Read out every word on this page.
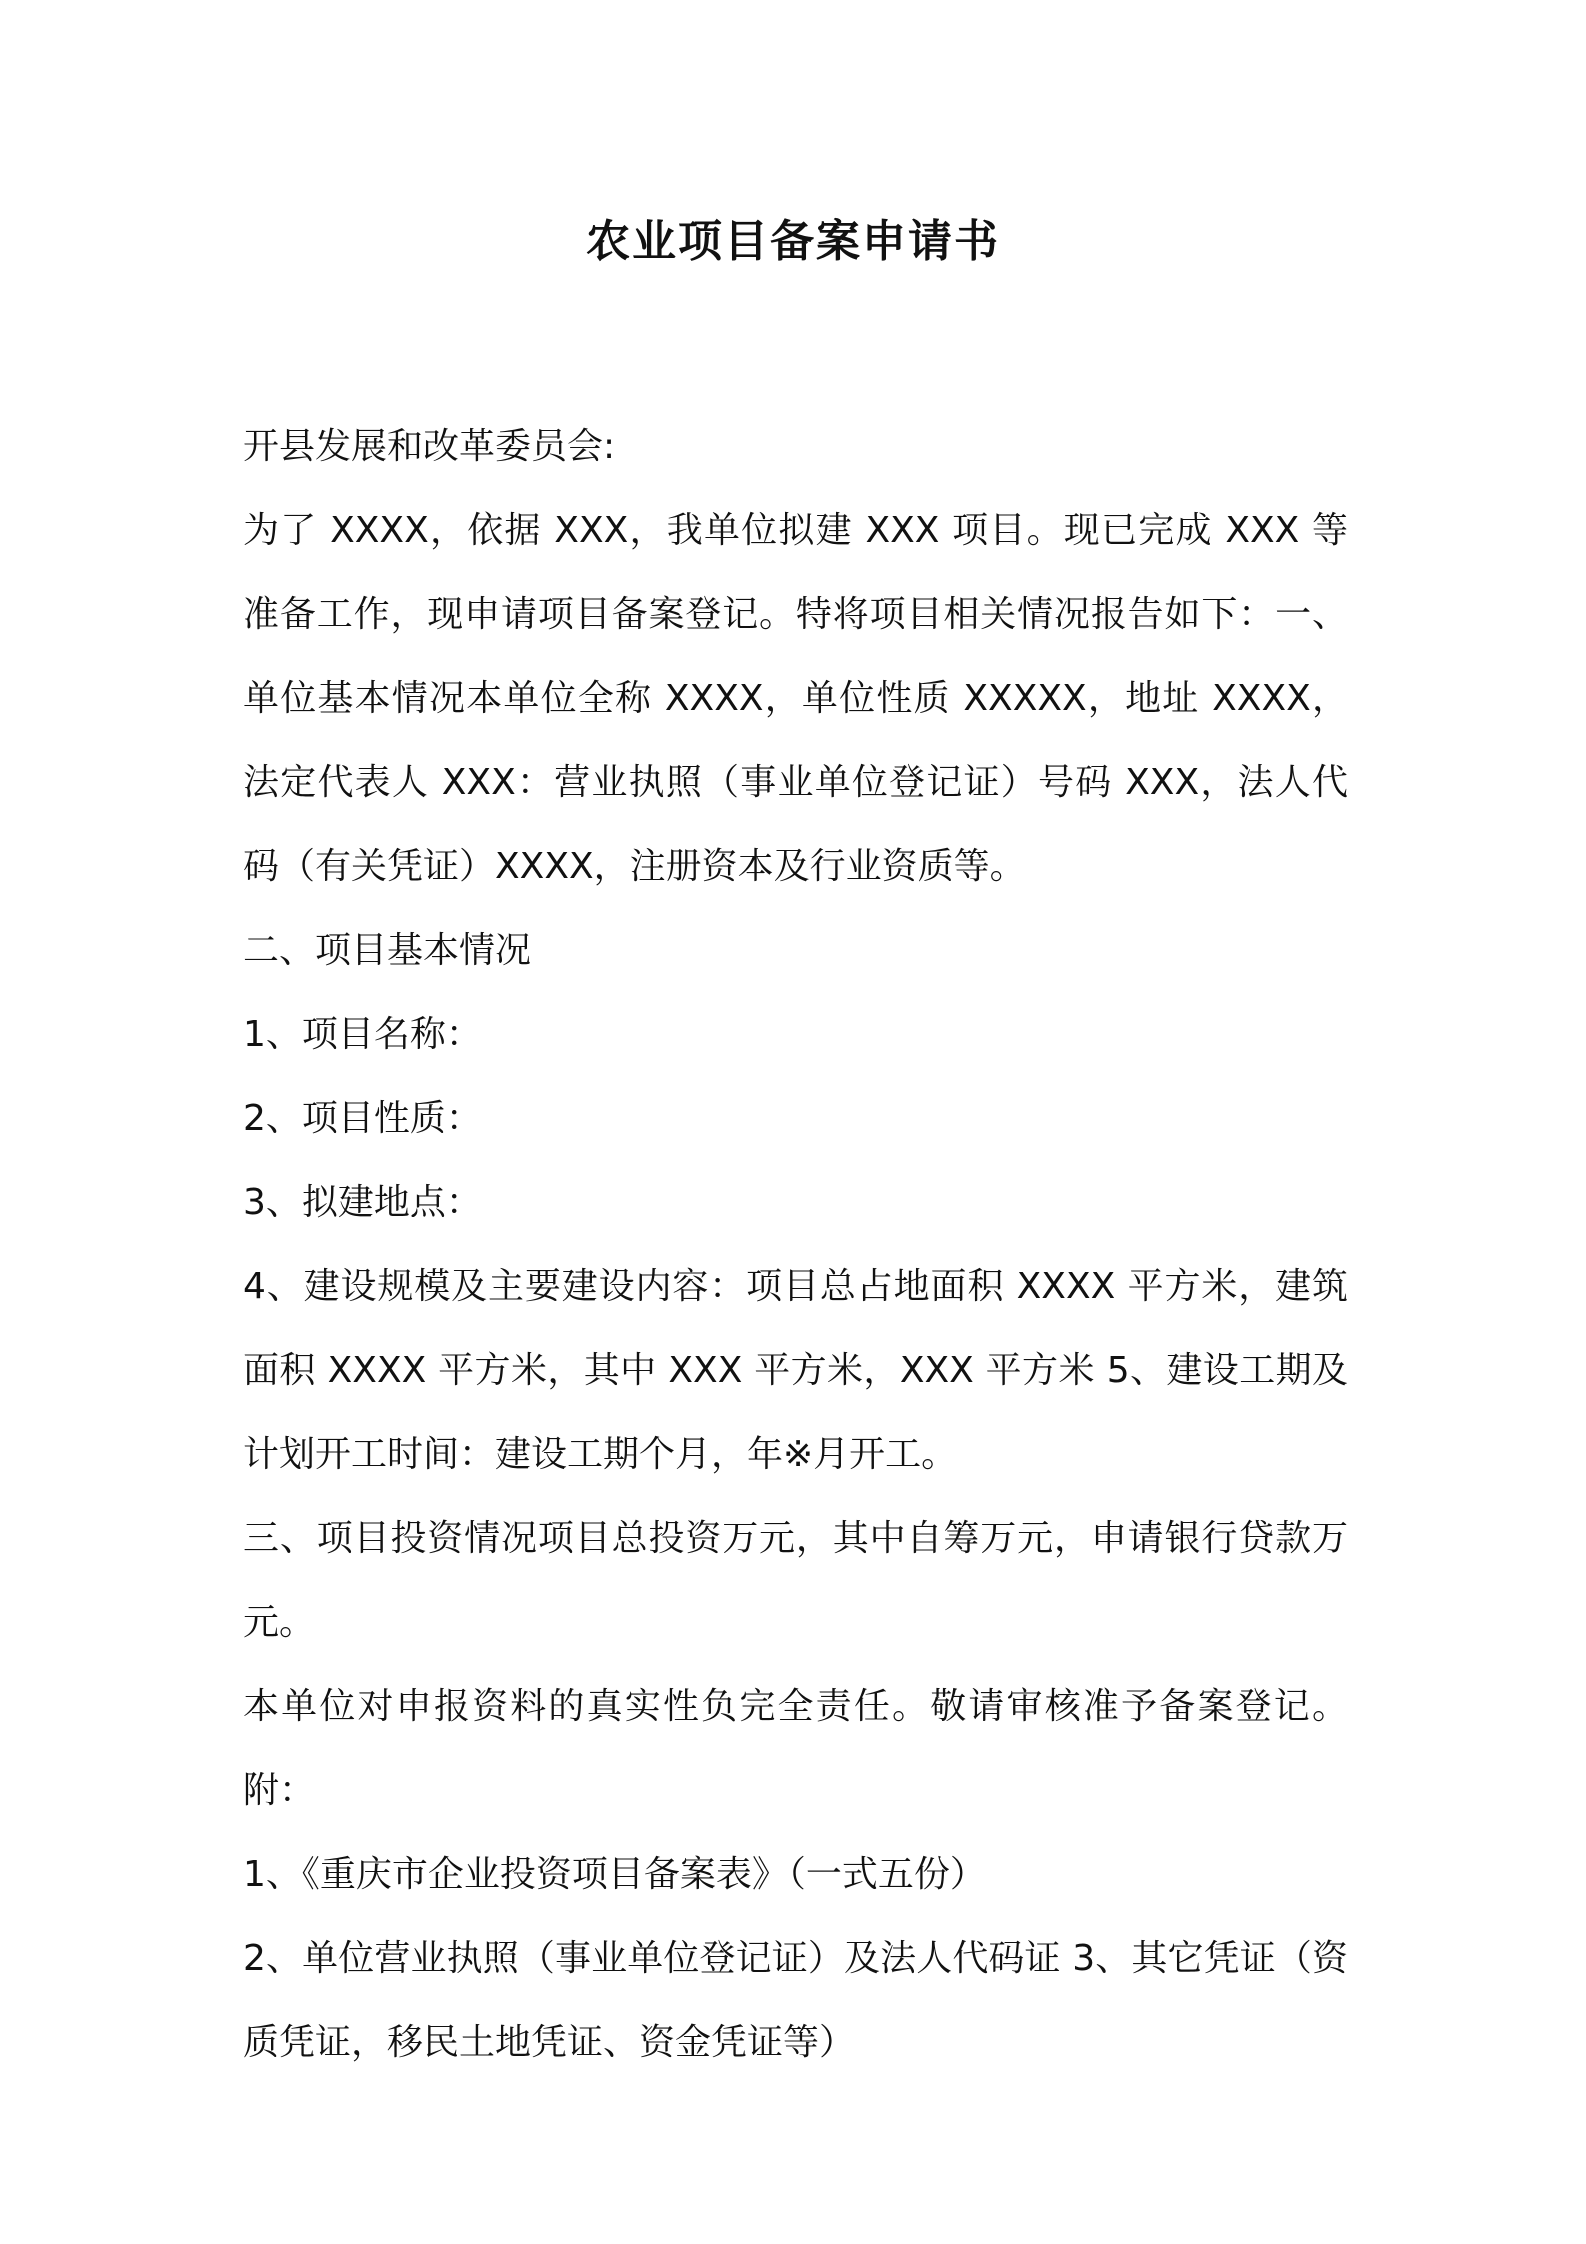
农业项目备案申请书

开县发展和改革委员会:

为了 XXXX，依据 XXX，我单位拟建 XXX 项目。现已完成 XXX 等准备工作，现申请项目备案登记。特将项目相关情况报告如下：一、单位基本情况本单位全称 XXXX，单位性质 XXXXX，地址 XXXX，法定代表人 XXX：营业执照（事业单位登记证）号码 XXX，法人代码（有关凭证）XXXX，注册资本及行业资质等。

二、项目基本情况

1、项目名称：

2、项目性质：

3、拟建地点：

4、建设规模及主要建设内容：项目总占地面积 XXXX 平方米，建筑面积 XXXX 平方米，其中 XXX 平方米，XXX 平方米 5、建设工期及计划开工时间：建设工期个月，年※月开工。

三、项目投资情况项目总投资万元，其中自筹万元，申请银行贷款万元。

本单位对申报资料的真实性负完全责任。敬请审核准予备案登记。附：

1、《重庆市企业投资项目备案表》（一式五份）

2、单位营业执照（事业单位登记证）及法人代码证 3、其它凭证（资质凭证，移民土地凭证、资金凭证等）
